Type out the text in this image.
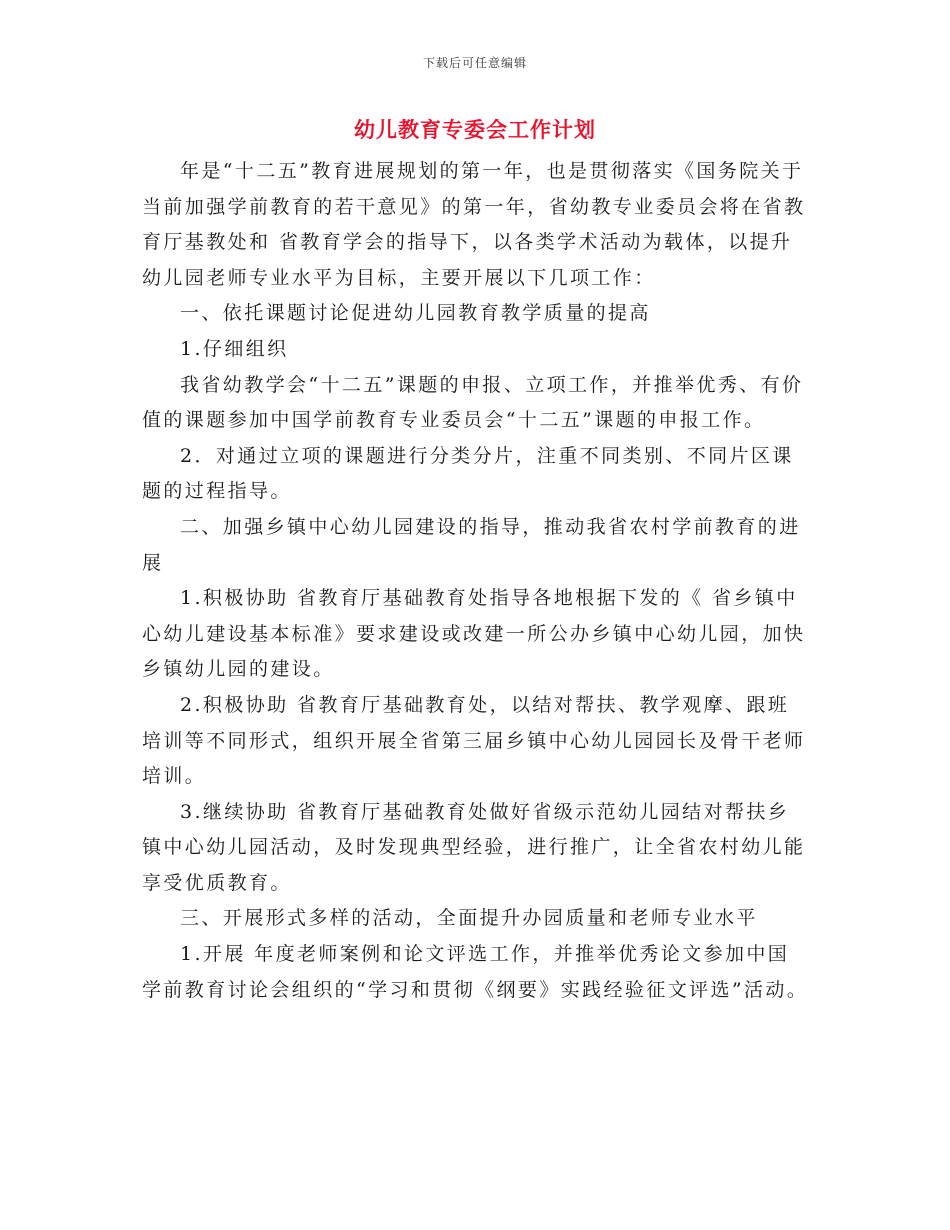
下载后可任意编辑
幼儿教育专委会工作计划

年是“十二五”教育进展规划的第一年，也是贯彻落实《国务院关于当前加强学前教育的若干意见》的第一年，省幼教专业委员会将在省教育厅基教处和 省教育学会的指导下，以各类学术活动为载体，以提升幼儿园老师专业水平为目标，主要开展以下几项工作：

一、依托课题讨论促进幼儿园教育教学质量的提高

1.仔细组织

我省幼教学会“十二五”课题的申报、立项工作，并推举优秀、有价值的课题参加中国学前教育专业委员会“十二五”课题的申报工作。

2．对通过立项的课题进行分类分片，注重不同类别、不同片区课题的过程指导。

二、加强乡镇中心幼儿园建设的指导，推动我省农村学前教育的进展

1.积极协助 省教育厅基础教育处指导各地根据下发的《 省乡镇中心幼儿建设基本标准》要求建设或改建一所公办乡镇中心幼儿园，加快乡镇幼儿园的建设。

2.积极协助 省教育厅基础教育处，以结对帮扶、教学观摩、跟班培训等不同形式，组织开展全省第三届乡镇中心幼儿园园长及骨干老师培训。

3.继续协助 省教育厅基础教育处做好省级示范幼儿园结对帮扶乡镇中心幼儿园活动，及时发现典型经验，进行推广，让全省农村幼儿能享受优质教育。

三、开展形式多样的活动，全面提升办园质量和老师专业水平

1.开展 年度老师案例和论文评选工作，并推举优秀论文参加中国学前教育讨论会组织的“学习和贯彻《纲要》实践经验征文评选”活动。
